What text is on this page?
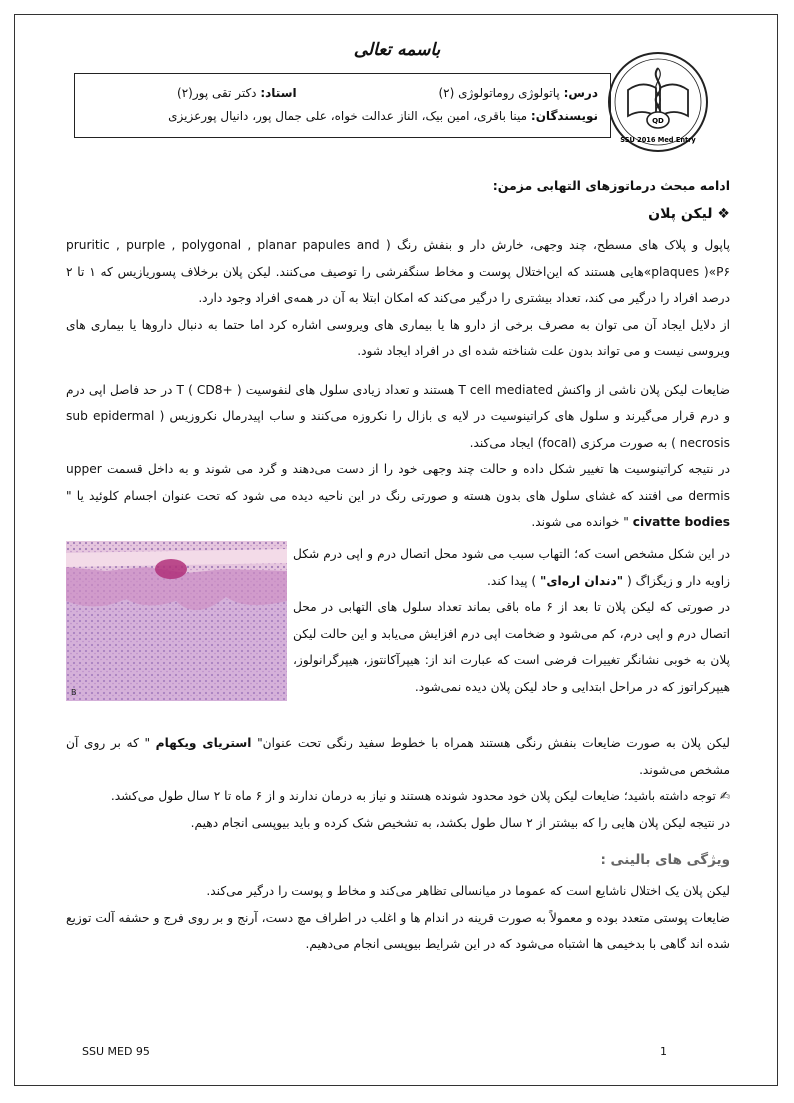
باسمه تعالی
QD
SSU 2016 Med Entry
درس: پاتولوژی روماتولوژی (۲)
استاد: دکتر تقی پور(۲)
نویسندگان: مینا باقری، امین بیک، الناز عدالت خواه، علی جمال پور، دانیال پورعزیزی
ادامه مبحث درماتوزهای التهابی مزمن:
❖ لیکن پلان

پاپول و پلاک های مسطح، چند وجهی، خارش دار و بنفش رنگ ( pruritic , purple , polygonal , planar papules and plaques )«P۶»هایی هستند که این‌اختلال پوست و مخاط سنگفرشی را توصیف می‌کنند. لیکن پلان برخلاف پسوریازیس که ۱ تا ۲ درصد افراد را درگیر می کند، تعداد بیشتری را درگیر می‌کند که امکان ابتلا به آن در همه‌ی افراد وجود دارد.

از دلایل ایجاد آن می توان به مصرف برخی از دارو ها یا بیماری های ویروسی اشاره کرد اما حتما به دنبال داروها یا بیماری های ویروسی نیست و می تواند بدون علت شناخته شده ای در افراد ایجاد شود.

ضایعات لیکن پلان ناشی از واکنش T cell mediated هستند و تعداد زیادی سلول های لنفوسیت T ( CD8+ ) در حد فاصل اپی درم و درم قرار می‌گیرند و سلول های کراتینوسیت در لایه ی بازال را نکروزه می‌کنند و ساب اپیدرمال نکروزیس ( sub epidermal necrosis ) به صورت مرکزی (focal) ایجاد می‌کند.

در نتیجه کراتینوسیت ها تغییر شکل داده و حالت چند وجهی خود را از دست می‌دهند و گرد می شوند و به داخل قسمت upper dermis می افتند که غشای سلول های بدون هسته و صورتی رنگ در این ناحیه دیده می شود که تحت عنوان اجسام کلوئید یا " civatte bodies " خوانده می شوند.

B

در این شکل مشخص است که؛ التهاب سبب می شود محل اتصال درم و اپی درم شکل زاویه دار و زیگزاگ ( "دندان اره‌ای" ) پیدا کند.

در صورتی که لیکن پلان تا بعد از ۶ ماه باقی بماند تعداد سلول های التهابی در محل اتصال درم و اپی درم، کم می‌شود و ضخامت اپی درم افزایش می‌یابد و این حالت لیکن پلان به خوبی نشانگر تغییرات فرضی است که عبارت اند از: هیپرآکانتوز، هیپرگرانولوز، هیپرکراتوز که در مراحل ابتدایی و حاد لیکن پلان دیده نمی‌شود.

لیکن پلان به صورت ضایعات بنفش رنگی هستند همراه با خطوط سفید رنگی تحت عنوان" استریای ویکهام " که بر روی آن مشخص می‌شوند.

✍ توجه داشته باشید؛ ضایعات لیکن پلان خود محدود شونده هستند و نیاز به درمان ندارند و از ۶ ماه تا ۲ سال طول می‌کشد.

در نتیجه لیکن پلان هایی را که بیشتر از ۲ سال طول بکشد، به تشخیص شک کرده و باید بیوپسی انجام دهیم.

ویژگی های بالینی :

لیکن پلان یک اختلال ناشایع است که عموما در میانسالی تظاهر می‌کند و مخاط و پوست را درگیر می‌کند.

ضایعات پوستی متعدد بوده و معمولاً به صورت قرینه در اندام ها و اغلب در اطراف مچ دست، آرنج و بر روی فرج و حشفه آلت توزیع شده اند گاهی با بدخیمی ها اشتباه می‌شود که در این شرایط بیوپسی انجام می‌دهیم.

SSU MED 95	1
